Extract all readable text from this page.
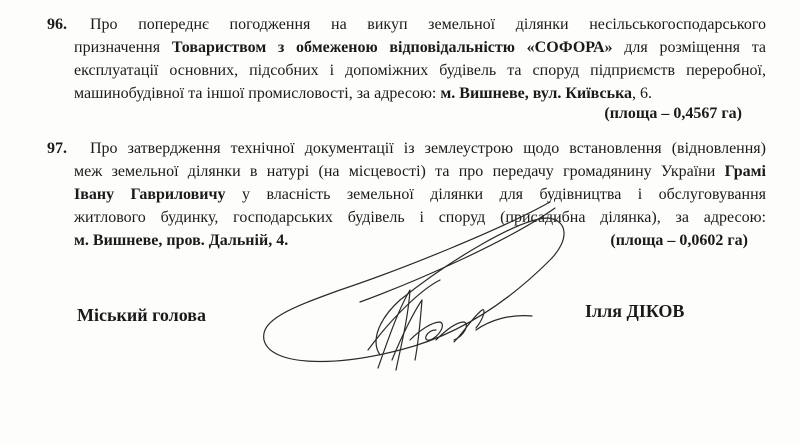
96. Про попереднє погодження на викуп земельної ділянки несільськогосподарського
призначення Товариством з обмеженою відповідальністю «СОФОРА» для розміщення та
експлуатації основних, підсобних і допоміжних будівель та споруд підприємств переробної,
машинобудівної та іншої промисловості, за адресою: м. Вишневе, вул. Київська, 6.
(площа – 0,4567 га)
97. Про затвердження технічної документації із землеустрою щодо встановлення (відновлення)
меж земельної ділянки в натурі (на місцевості) та про передачу громадянину України Грамі
Івану Гавриловичу у власність земельної ділянки для будівництва і обслуговування
житлового будинку, господарських будівель і споруд (присадибна ділянка), за адресою:
м. Вишневе, пров. Дальній, 4.	(площа – 0,0602 га)
Міський голова	Ілля ДІКОВ
